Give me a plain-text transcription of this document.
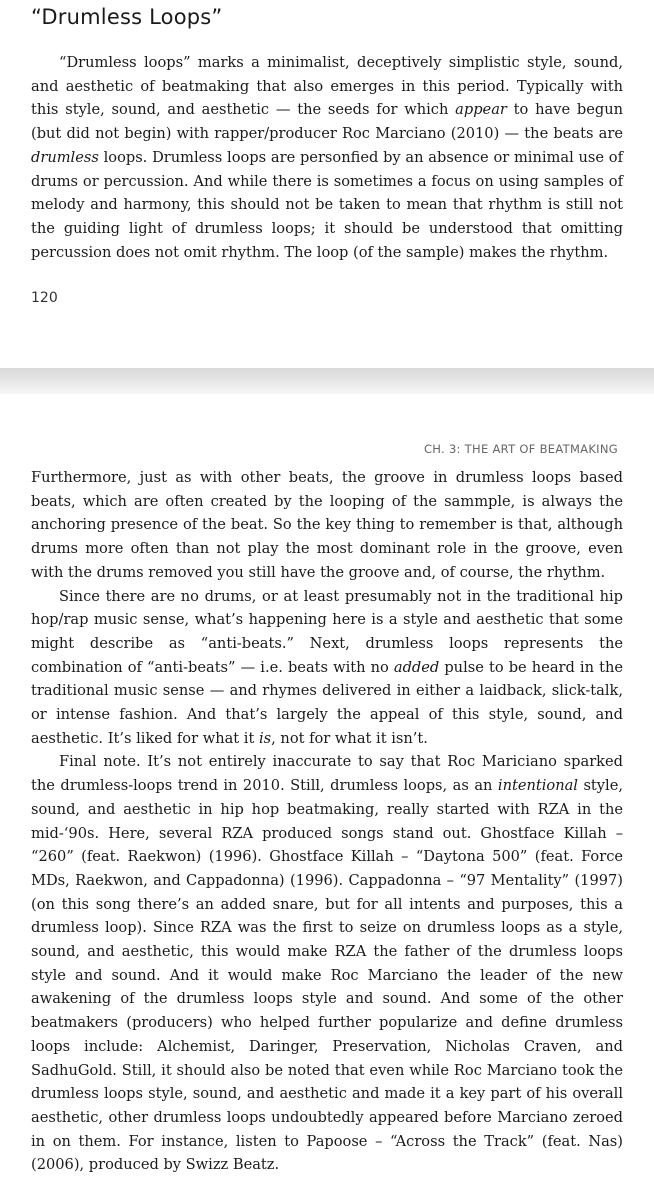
“Drumless Loops”

“Drumless loops” marks a minimalist, deceptively simplistic style, sound, and aesthetic of beatmaking that also emerges in this period. Typically with this style, sound, and aesthetic — the seeds for which appear to have begun (but did not begin) with rapper/producer Roc Marciano (2010) — the beats are drumless loops. Drumless loops are personfied by an absence or minimal use of drums or percussion. And while there is sometimes a focus on using samples of melody and harmony, this should not be taken to mean that rhythm is still not the guiding light of drumless loops; it should be understood that omitting percussion does not omit rhythm. The loop (of the sample) makes the rhythm.

120
CH. 3: THE ART OF BEATMAKING

Furthermore, just as with other beats, the groove in drumless loops based beats, which are often created by the looping of the sammple, is always the anchoring presence of the beat. So the key thing to remember is that, although drums more often than not play the most dominant role in the groove, even with the drums removed you still have the groove and, of course, the rhythm.

Since there are no drums, or at least presumably not in the traditional hip hop/rap music sense, what’s happening here is a style and aesthetic that some might describe as “anti-beats.” Next, drumless loops represents the combination of “anti-beats” — i.e. beats with no added pulse to be heard in the traditional music sense — and rhymes delivered in either a laidback, slick-talk, or intense fashion. And that’s largely the appeal of this style, sound, and aesthetic. It’s liked for what it is, not for what it isn’t.

Final note. It’s not entirely inaccurate to say that Roc Mariciano sparked the drumless-loops trend in 2010. Still, drumless loops, as an intentional style, sound, and aesthetic in hip hop beatmaking, really started with RZA in the mid-‘90s. Here, several RZA produced songs stand out. Ghostface Killah – “260” (feat. Raekwon) (1996). Ghostface Killah – “Daytona 500” (feat. Force MDs, Raekwon, and Cappadonna) (1996). Cappadonna – “97 Mentality” (1997) (on this song there’s an added snare, but for all intents and purposes, this a drumless loop). Since RZA was the first to seize on drumless loops as a style, sound, and aesthetic, this would make RZA the father of the drumless loops style and sound. And it would make Roc Marciano the leader of the new awakening of the drumless loops style and sound. And some of the other beatmakers (producers) who helped further popularize and define drumless loops include: Alchemist, Daringer, Preservation, Nicholas Craven, and SadhuGold. Still, it should also be noted that even while Roc Marciano took the drumless loops style, sound, and aesthetic and made it a key part of his overall aesthetic, other drumless loops undoubtedly appeared before Marciano zeroed in on them. For instance, listen to Papoose – “Across the Track” (feat. Nas) (2006), produced by Swizz Beatz.
